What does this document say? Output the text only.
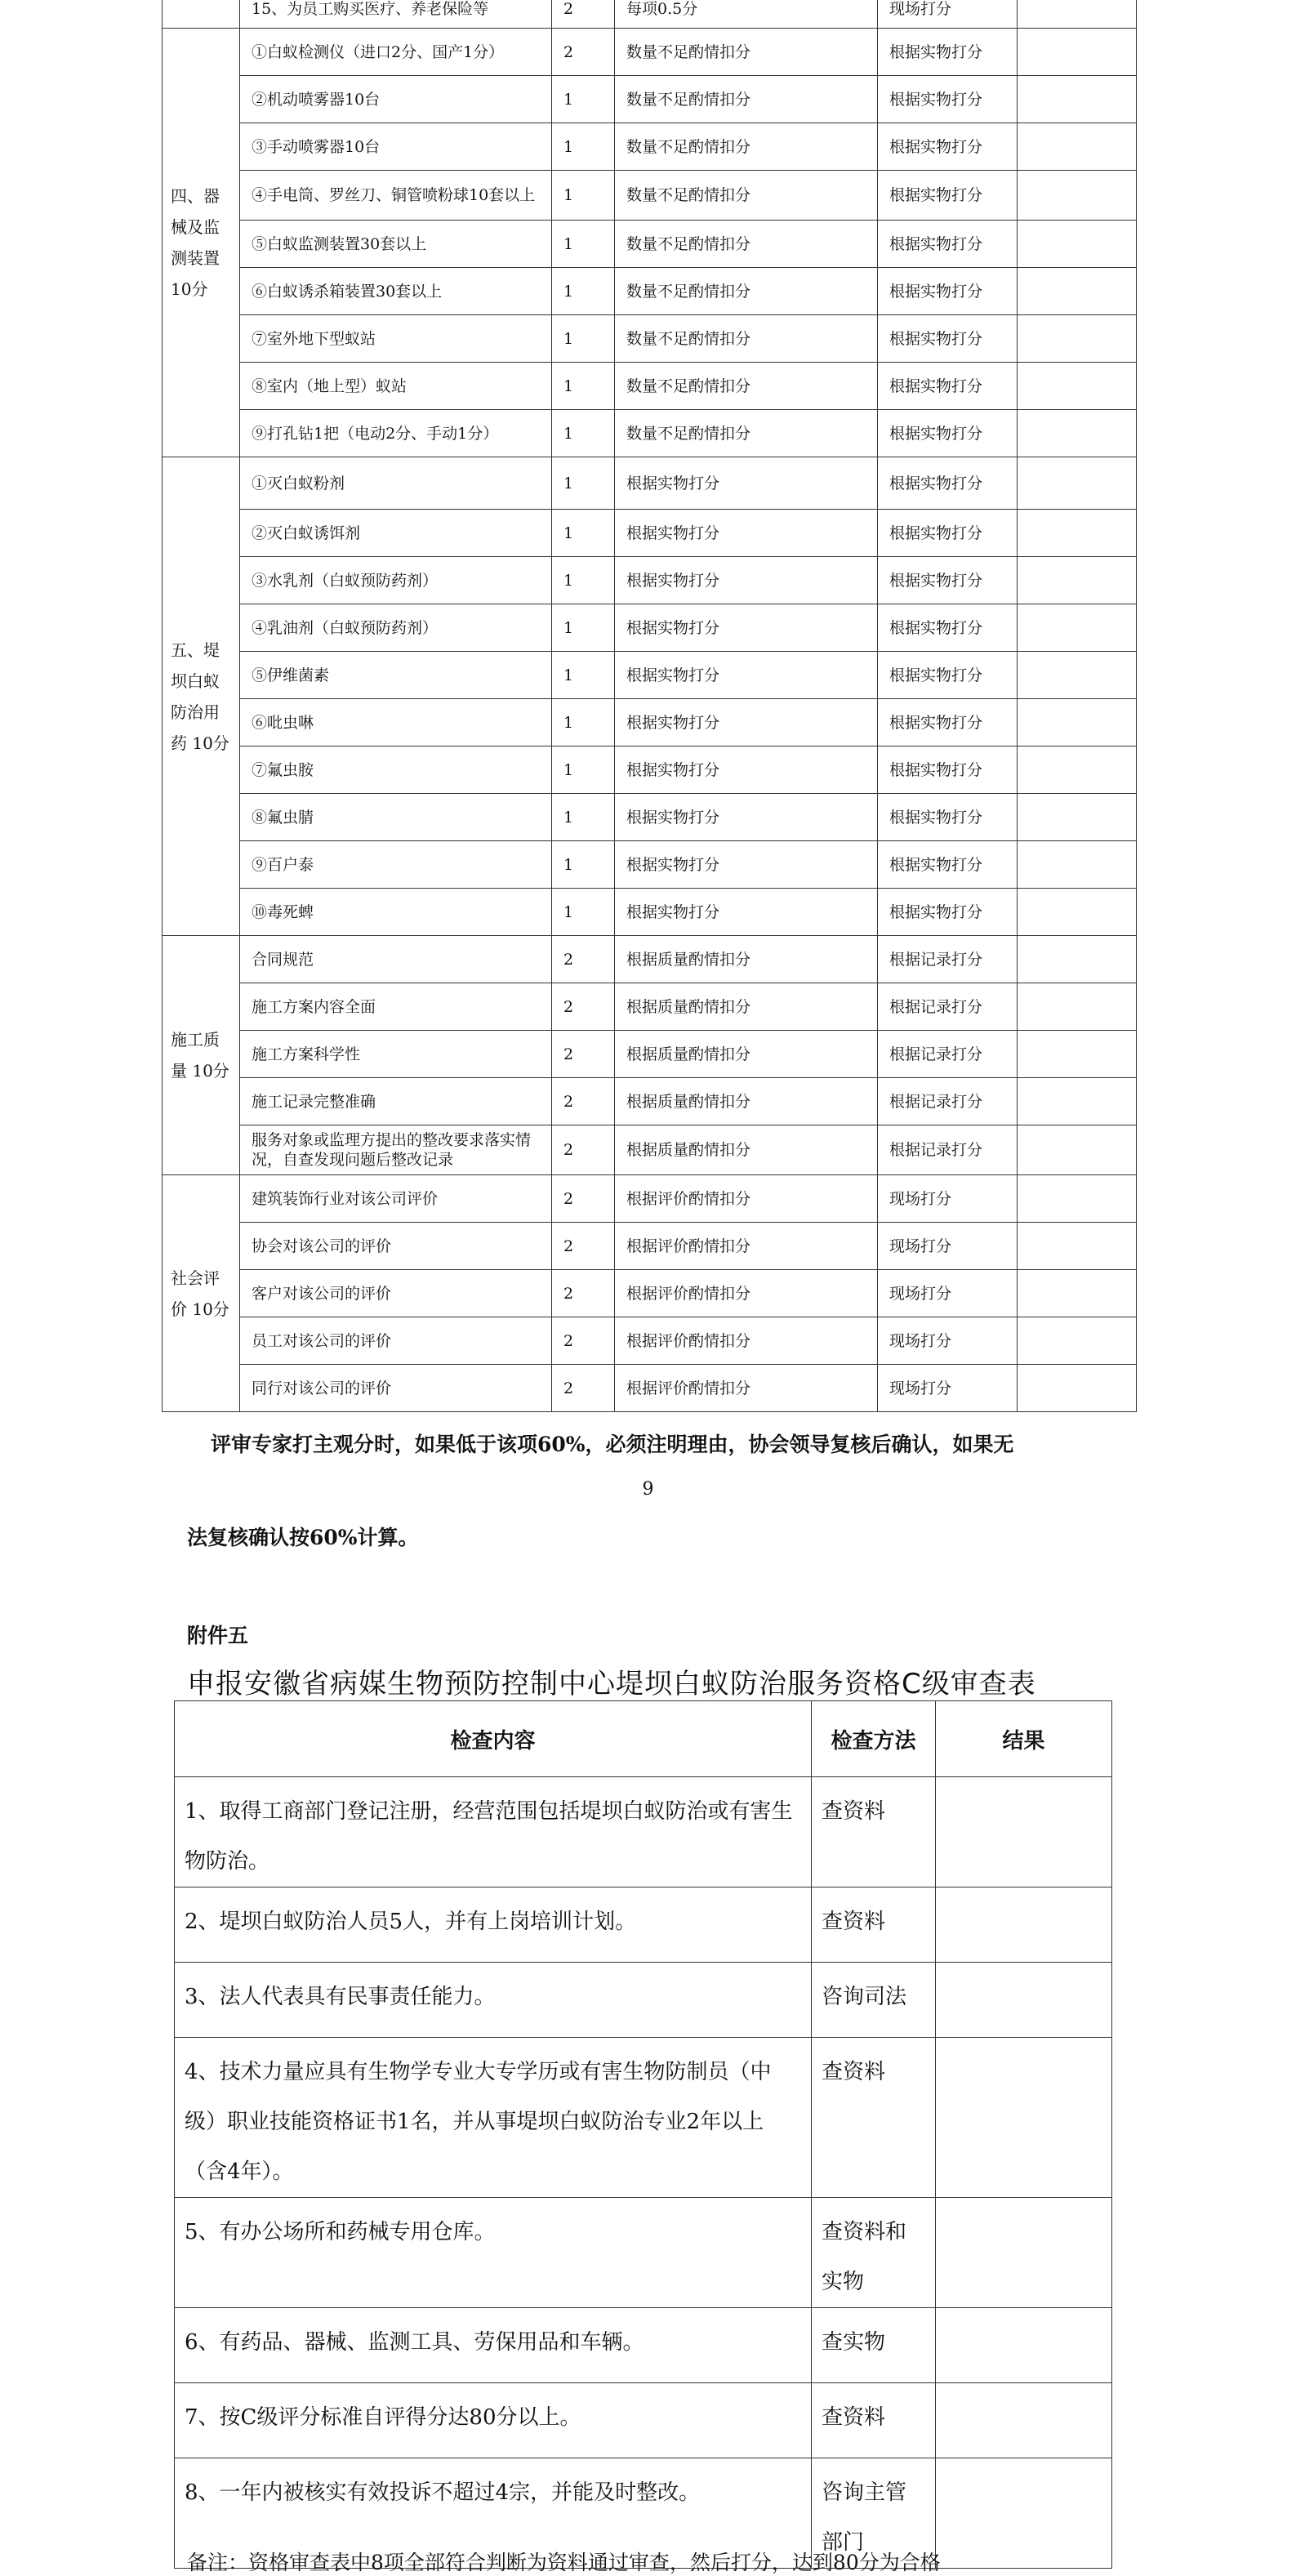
	15、为员工购买医疗、养老保险等	2	每项0.5分	现场打分	
四、器械及监测装置10分	①白蚁检测仪（进口2分、国产1分）	2	数量不足酌情扣分	根据实物打分	
	②机动喷雾器10台	1	数量不足酌情扣分	根据实物打分	
	③手动喷雾器10台	1	数量不足酌情扣分	根据实物打分	
	④手电筒、罗丝刀、铜管喷粉球10套以上	1	数量不足酌情扣分	根据实物打分	
	⑤白蚁监测装置30套以上	1	数量不足酌情扣分	根据实物打分	
	⑥白蚁诱杀箱装置30套以上	1	数量不足酌情扣分	根据实物打分	
	⑦室外地下型蚁站	1	数量不足酌情扣分	根据实物打分	
	⑧室内（地上型）蚁站	1	数量不足酌情扣分	根据实物打分	
	⑨打孔钻1把（电动2分、手动1分）	1	数量不足酌情扣分	根据实物打分	
五、堤坝白蚁防治用药 10分	①灭白蚁粉剂	1	根据实物打分	根据实物打分	
	②灭白蚁诱饵剂	1	根据实物打分	根据实物打分	
	③水乳剂（白蚁预防药剂）	1	根据实物打分	根据实物打分	
	④乳油剂（白蚁预防药剂）	1	根据实物打分	根据实物打分	
	⑤伊维菌素	1	根据实物打分	根据实物打分	
	⑥吡虫啉	1	根据实物打分	根据实物打分	
	⑦氟虫胺	1	根据实物打分	根据实物打分	
	⑧氟虫腈	1	根据实物打分	根据实物打分	
	⑨百户泰	1	根据实物打分	根据实物打分	
	⑩毒死蜱	1	根据实物打分	根据实物打分	
施工质量 10分	合同规范	2	根据质量酌情扣分	根据记录打分	
	施工方案内容全面	2	根据质量酌情扣分	根据记录打分	
	施工方案科学性	2	根据质量酌情扣分	根据记录打分	
	施工记录完整准确	2	根据质量酌情扣分	根据记录打分	
	服务对象或监理方提出的整改要求落实情况，自查发现问题后整改记录	2	根据质量酌情扣分	根据记录打分	
社会评价 10分	建筑装饰行业对该公司评价	2	根据评价酌情扣分	现场打分	
	协会对该公司的评价	2	根据评价酌情扣分	现场打分	
	客户对该公司的评价	2	根据评价酌情扣分	现场打分	
	员工对该公司的评价	2	根据评价酌情扣分	现场打分	
	同行对该公司的评价	2	根据评价酌情扣分	现场打分	
评审专家打主观分时，如果低于该项60%，必须注明理由，协会领导复核后确认，如果无
9
法复核确认按60%计算。
附件五
申报安徽省病媒生物预防控制中心堤坝白蚁防治服务资格C级审查表
检查内容	检查方法	结果
1、取得工商部门登记注册，经营范围包括堤坝白蚁防治或有害生物防治。	查资料	
2、堤坝白蚁防治人员5人，并有上岗培训计划。	查资料	
3、法人代表具有民事责任能力。	咨询司法	
4、技术力量应具有生物学专业大专学历或有害生物防制员（中级）职业技能资格证书1名，并从事堤坝白蚁防治专业2年以上（含4年）。	查资料	
5、有办公场所和药械专用仓库。	查资料和实物	
6、有药品、器械、监测工具、劳保用品和车辆。	查实物	
7、按C级评分标准自评得分达80分以上。	查资料	
8、一年内被核实有效投诉不超过4宗，并能及时整改。	咨询主管部门	
备注：资格审查表中8项全部符合判断为资料通过审查，然后打分，达到80分为合格
